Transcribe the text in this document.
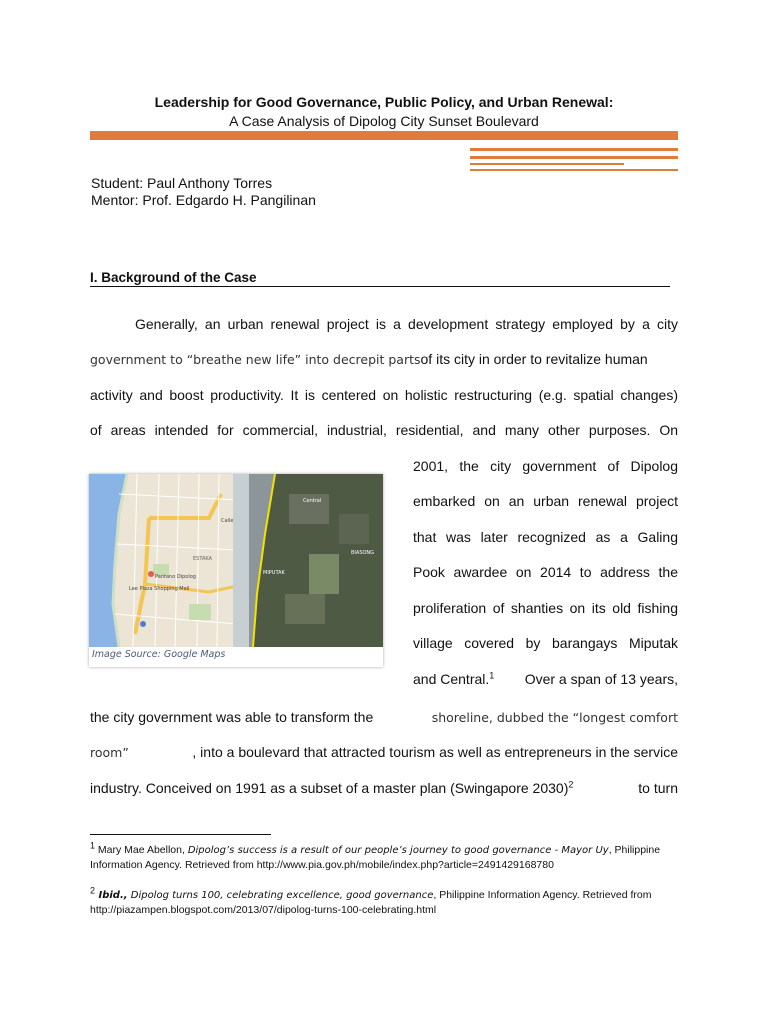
Leadership for Good Governance, Public Policy, and Urban Renewal:
A Case Analysis of Dipolog City Sunset Boulevard
Student: Paul Anthony Torres
Mentor: Prof. Edgardo H. Pangilinan
I. Background of the Case
Generally, an urban renewal project is a development strategy employed by a city
government to “breathe new life” into decrepit parts of its city in order to revitalize human
activity and boost productivity. It is centered on holistic restructuring (e.g. spatial changes)
of areas intended for commercial, industrial, residential, and many other purposes. On
2001, the city government of Dipolog
embarked on an urban renewal project
that was later recognized as a Galing
Pook awardee on 2014 to address the
proliferation of shanties on its old fishing
village covered by barangays Miputak
and Central.$^1$ Over a span of 13 years,
the city government was able to transform the	shoreline, dubbed the “longest comfort
room”	, into a boulevard that attracted tourism as well as entrepreneurs in the service
industry. Conceived on 1991 as a subset of a master plan (Swingapore 2030)$^2$	to turn
Pantano Dipolog
Lee Plaza Shopping Mall
ESTAKA
Calle
Central
MIPUTAK
BIASONG
Image Source: Google Maps
$^1$ Mary Mae Abellon, Dipolog’s success is a result of our people’s journey to good governance - Mayor Uy, Philippine
Information Agency. Retrieved from http://www.pia.gov.ph/mobile/index.php?article=2491429168780
$^2$ Ibid., Dipolog turns 100, celebrating excellence, good governance, Philippine Information Agency. Retrieved from
http://piazampen.blogspot.com/2013/07/dipolog-turns-100-celebrating.html
